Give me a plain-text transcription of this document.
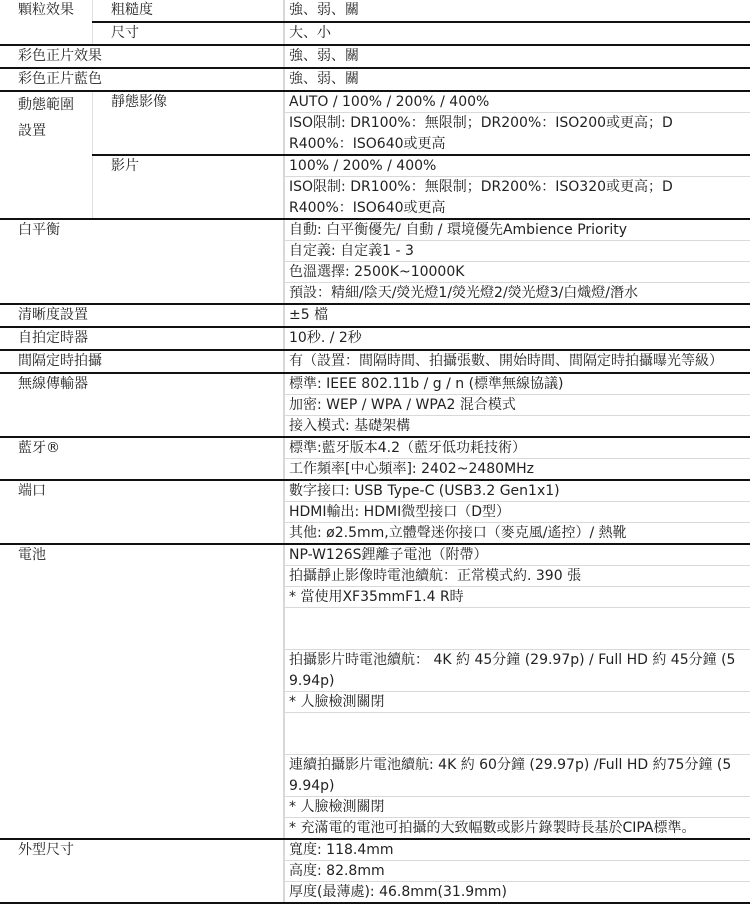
顆粒效果	粗糙度	強、弱、關
尺寸	大、小
彩色正片效果	強、弱、關
彩色正片藍色	強、弱、關
動態範圍
設置
靜態影像	AUTO / 100% / 200% / 400%
ISO限制: DR100%：無限制；DR200%：ISO200或更高；DR400%：ISO640或更高
影片	100% / 200% / 400%
ISO限制: DR100%：無限制；DR200%：ISO320或更高；DR400%：ISO640或更高
白平衡	自動: 白平衡優先/ 自動 / 環境優先Ambience Priority
自定義: 自定義1 - 3
色溫選擇: 2500K~10000K
預設：精細/陰天/熒光燈1/熒光燈2/熒光燈3/白熾燈/潛水
清晰度設置	±5 檔
自拍定時器	10秒. / 2秒
間隔定時拍攝	有（設置：間隔時間、拍攝張數、開始時間、間隔定時拍攝曝光等級）
無線傳輸器	標準: IEEE 802.11b / g / n (標準無線協議)
加密: WEP / WPA / WPA2 混合模式
接入模式: 基礎架構
藍牙®	標準:藍牙版本4.2（藍牙低功耗技術）
工作頻率[中心頻率]: 2402~2480MHz
端口	數字接口: USB Type-C (USB3.2 Gen1x1)
HDMI輸出: HDMI微型接口（D型）
其他: ø2.5mm,立體聲迷你接口（麥克風/遙控）/ 熱靴
電池	NP-W126S鋰離子電池（附帶）
拍攝靜止影像時電池續航：正常模式約. 390 張
* 當使用XF35mmF1.4 R時
拍攝影片時電池續航： 4K 約 45分鐘 (29.97p) / Full HD 約 45分鐘 (59.94p)
* 人臉檢測關閉
連續拍攝影片電池續航: 4K 約 60分鐘 (29.97p) /Full HD 約75分鐘 (59.94p)
* 人臉檢測關閉
* 充滿電的電池可拍攝的大致幅數或影片錄製時長基於CIPA標準。
外型尺寸	寬度: 118.4mm
高度: 82.8mm
厚度(最薄處): 46.8mm(31.9mm)
